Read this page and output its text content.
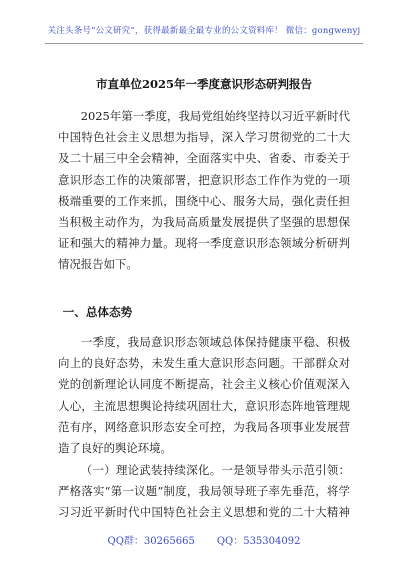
关注头条号“公文研究”，获得最新最全最专业的公文资料库！ 微信：gongwenyj
市直单位2025年一季度意识形态研判报告

2025年第一季度，我局党组始终坚持以习近平新时代中国特色社会主义思想为指导，深入学习贯彻党的二十大及二十届三中全会精神，全面落实中央、省委、市委关于意识形态工作的决策部署，把意识形态工作作为党的一项极端重要的工作来抓，围绕中心、服务大局，强化责任担当积极主动作为，为我局高质量发展提供了坚强的思想保证和强大的精神力量。现将一季度意识形态领域分析研判情况报告如下。

一、总体态势

一季度，我局意识形态领域总体保持健康平稳、积极向上的良好态势，未发生重大意识形态问题。干部群众对党的创新理论认同度不断提高，社会主义核心价值观深入人心，主流思想舆论持续巩固壮大，意识形态阵地管理规范有序，网络意识形态安全可控，为我局各项事业发展营造了良好的舆论环境。

（一）理论武装持续深化。一是领导带头示范引领：严格落实“第一议题”制度，我局领导班子率先垂范，将学习习近平新时代中国特色社会主义思想和党的二十大精神

QQ群：30265665 QQ：535304092
